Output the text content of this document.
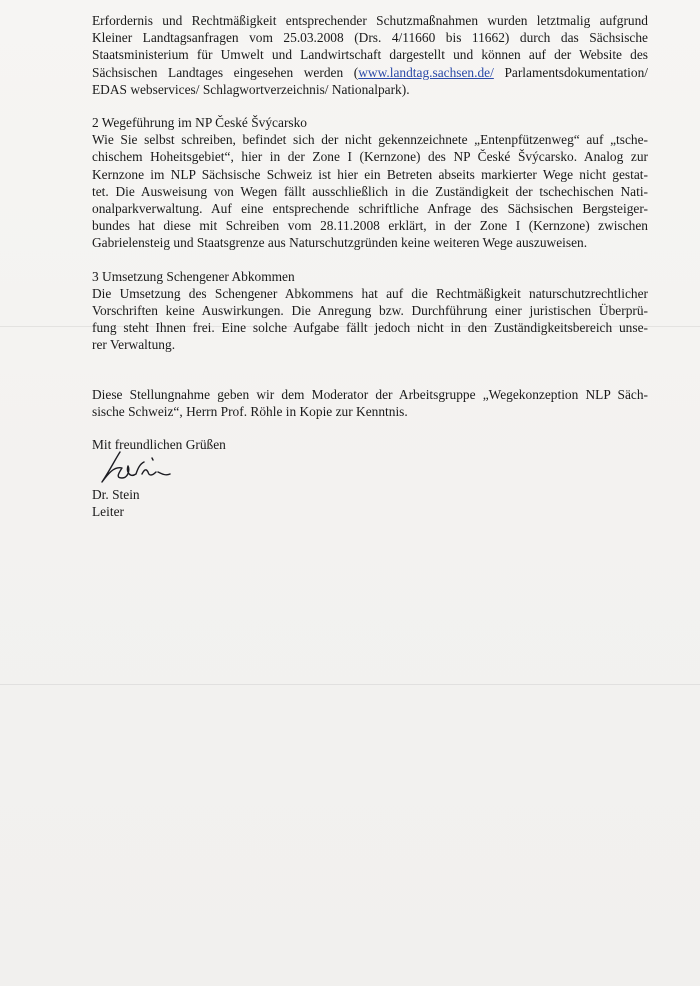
Erfordernis und Rechtmäßigkeit entsprechender Schutzmaßnahmen wurden letztmalig aufgrund
Kleiner Landtagsanfragen vom 25.03.2008 (Drs. 4/11660 bis 11662) durch das Sächsische
Staatsministerium für Umwelt und Landwirtschaft dargestellt und können auf der Website des
Sächsischen Landtages eingesehen werden (www.landtag.sachsen.de/ Parlamentsdokumentation/
EDAS webservices/ Schlagwortverzeichnis/ Nationalpark).
2 Wegeführung im NP České Švýcarsko
Wie Sie selbst schreiben, befindet sich der nicht gekennzeichnete „Entenpfützenweg“ auf „tsche-
chischem Hoheitsgebiet“, hier in der Zone I (Kernzone) des NP České Švýcarsko. Analog zur
Kernzone im NLP Sächsische Schweiz ist hier ein Betreten abseits markierter Wege nicht gestat-
tet. Die Ausweisung von Wegen fällt ausschließlich in die Zuständigkeit der tschechischen Nati-
onalparkverwaltung. Auf eine entsprechende schriftliche Anfrage des Sächsischen Bergsteiger-
bundes hat diese mit Schreiben vom 28.11.2008 erklärt, in der Zone I (Kernzone) zwischen
Gabrielensteig und Staatsgrenze aus Naturschutzgründen keine weiteren Wege auszuweisen.
3 Umsetzung Schengener Abkommen
Die Umsetzung des Schengener Abkommens hat auf die Rechtmäßigkeit naturschutzrechtlicher
Vorschriften keine Auswirkungen. Die Anregung bzw. Durchführung einer juristischen Überprü-
fung steht Ihnen frei. Eine solche Aufgabe fällt jedoch nicht in den Zuständigkeitsbereich unse-
rer Verwaltung.
Diese Stellungnahme geben wir dem Moderator der Arbeitsgruppe „Wegekonzeption NLP Säch-
sische Schweiz“, Herrn Prof. Röhle in Kopie zur Kenntnis.
Mit freundlichen Grüßen
Dr. Stein
Leiter
